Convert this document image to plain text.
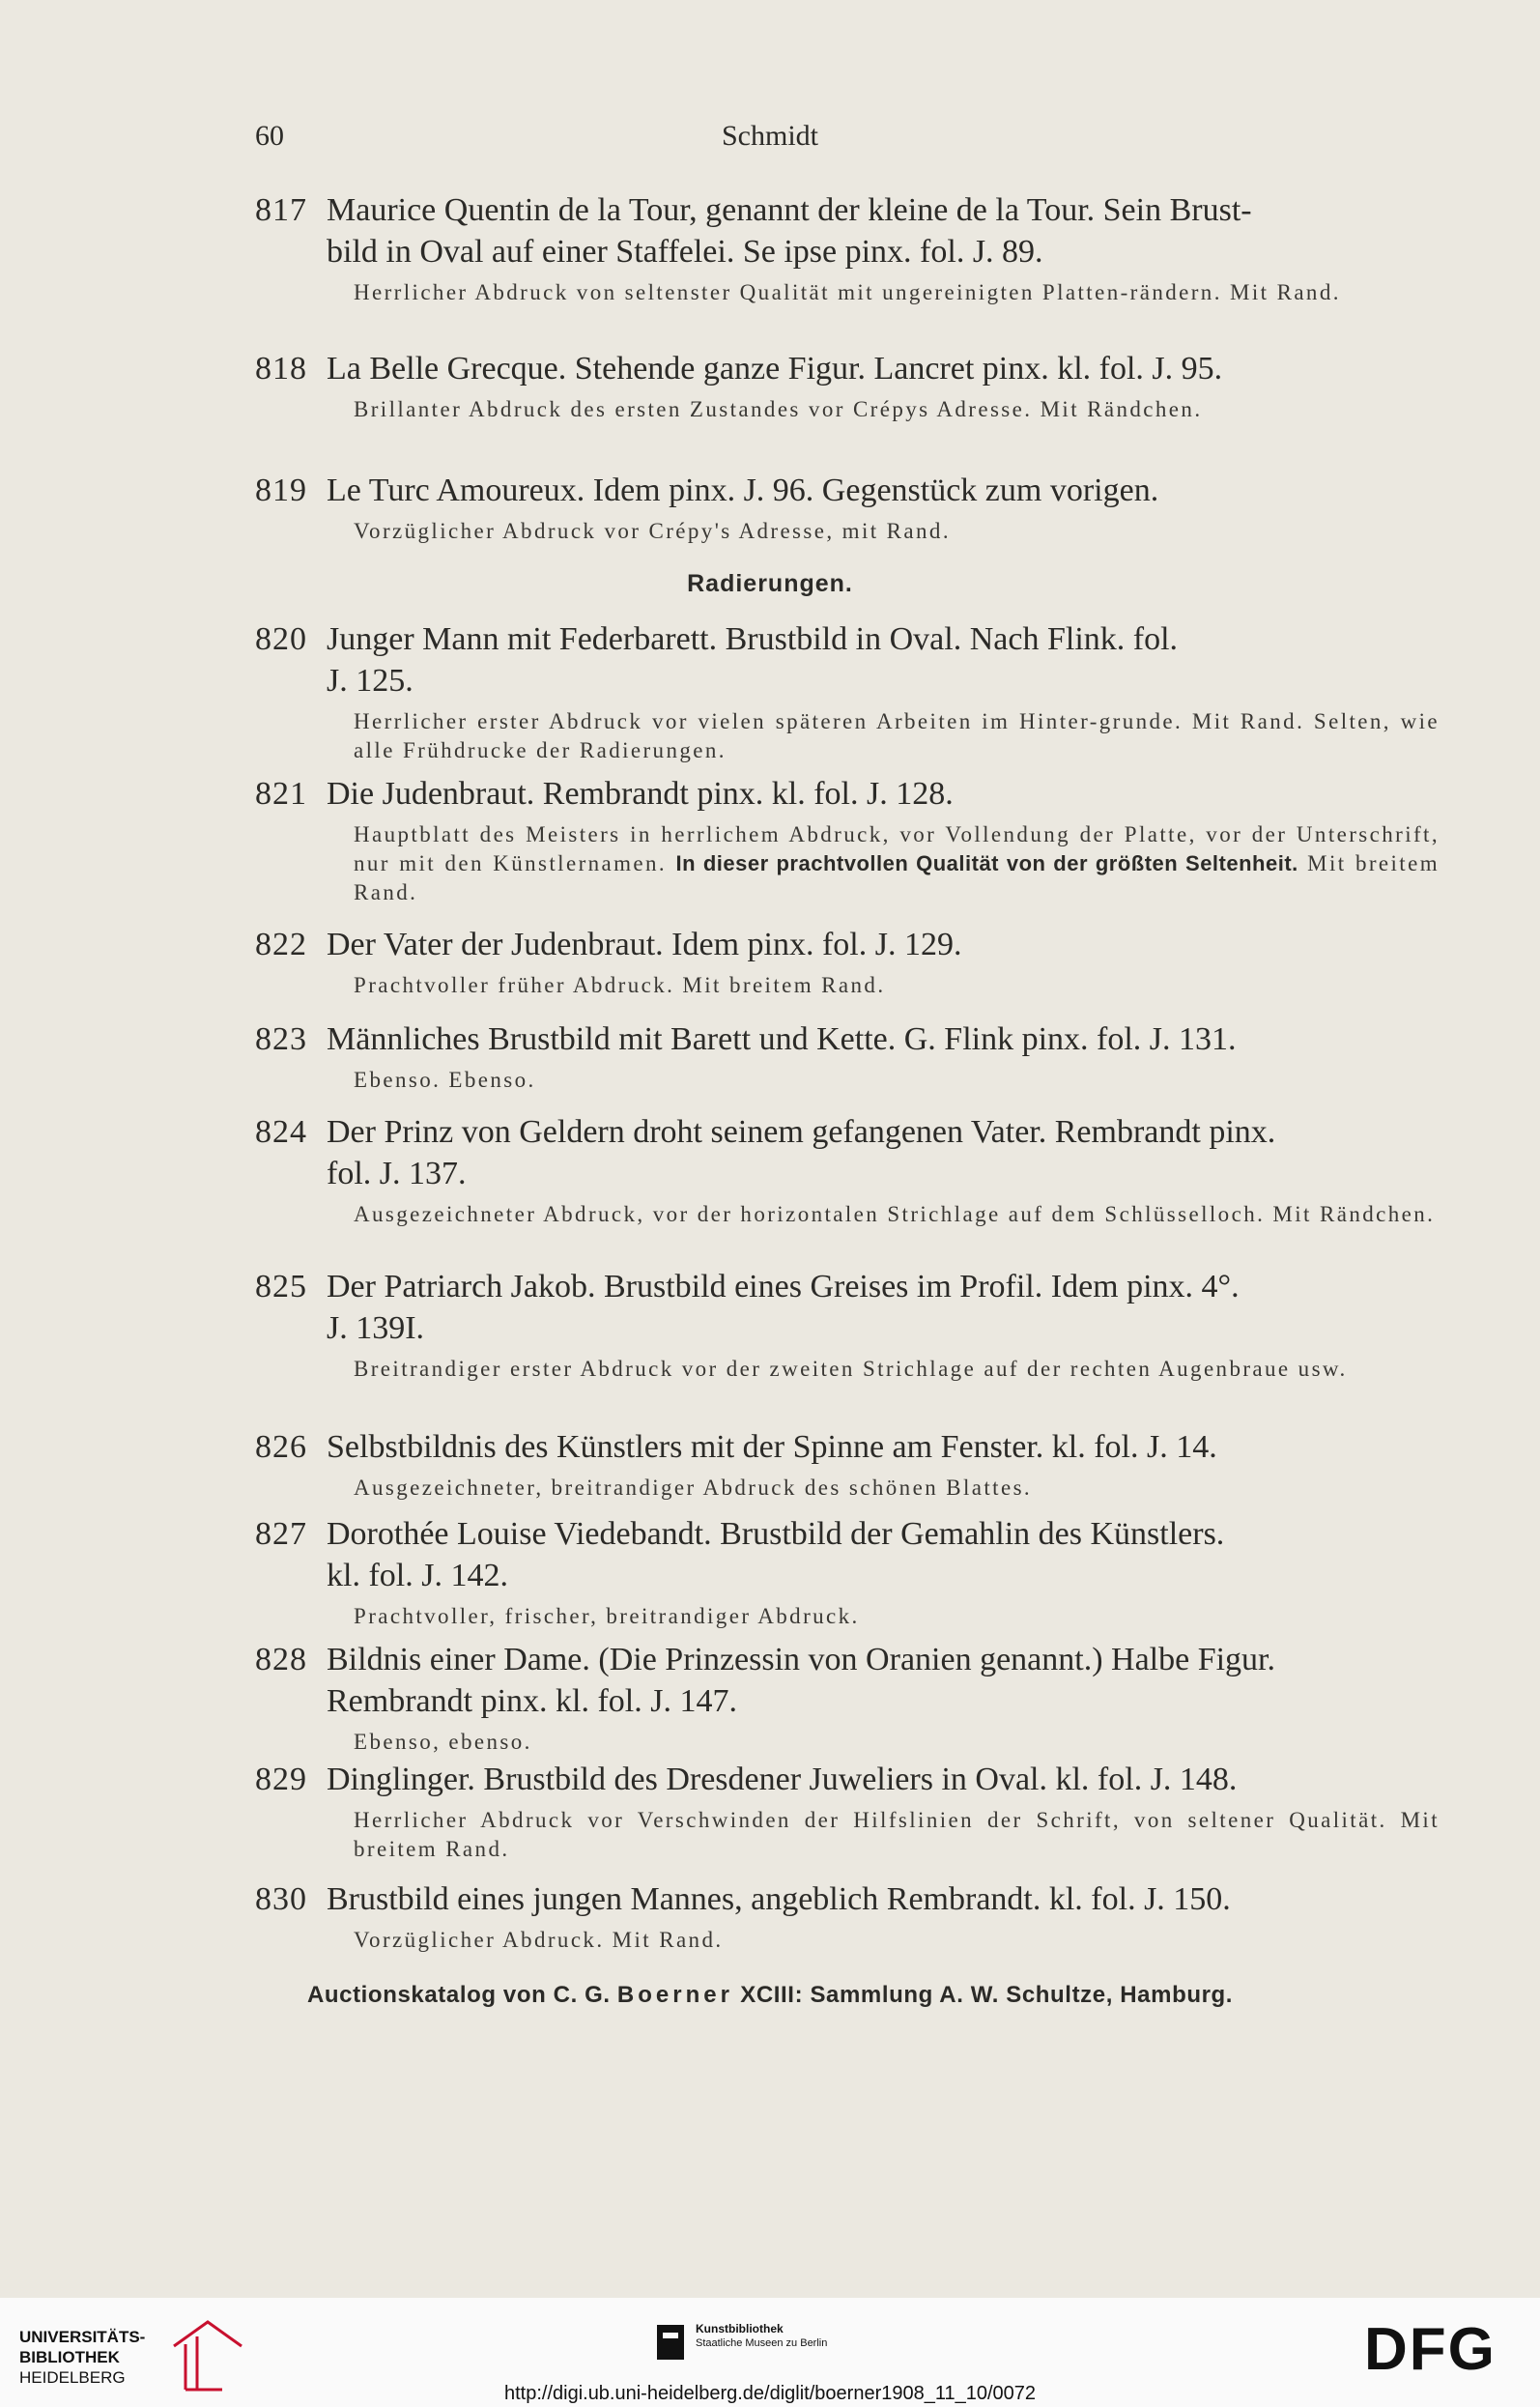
60	Schmidt
817 Maurice Quentin de la Tour, genannt der kleine de la Tour. Sein Brust-
bild in Oval auf einer Staffelei. Se ipse pinx. fol. J. 89.
Herrlicher Abdruck von seltenster Qualität mit ungereinigten Platten-rändern. Mit Rand.
818 La Belle Grecque. Stehende ganze Figur. Lancret pinx. kl. fol. J. 95.
Brillanter Abdruck des ersten Zustandes vor Crépys Adresse. Mit Rändchen.
819 Le Turc Amoureux. Idem pinx. J. 96. Gegenstück zum vorigen.
Vorzüglicher Abdruck vor Crépy's Adresse, mit Rand.
Radierungen.
820 Junger Mann mit Federbarett. Brustbild in Oval. Nach Flink. fol.
J. 125.
Herrlicher erster Abdruck vor vielen späteren Arbeiten im Hinter-grunde. Mit Rand. Selten, wie alle Frühdrucke der Radierungen.
821 Die Judenbraut. Rembrandt pinx. kl. fol. J. 128.
Hauptblatt des Meisters in herrlichem Abdruck, vor Vollendung der Platte, vor der Unterschrift, nur mit den Künstlernamen. In dieser prachtvollen Qualität von der größten Seltenheit. Mit breitem Rand.
822 Der Vater der Judenbraut. Idem pinx. fol. J. 129.
Prachtvoller früher Abdruck. Mit breitem Rand.
823 Männliches Brustbild mit Barett und Kette. G. Flink pinx. fol. J. 131.
Ebenso. Ebenso.
824 Der Prinz von Geldern droht seinem gefangenen Vater. Rembrandt pinx.
fol. J. 137.
Ausgezeichneter Abdruck, vor der horizontalen Strichlage auf dem Schlüsselloch. Mit Rändchen.
825 Der Patriarch Jakob. Brustbild eines Greises im Profil. Idem pinx. 4°.
J. 139I.
Breitrandiger erster Abdruck vor der zweiten Strichlage auf der rechten Augenbraue usw.
826 Selbstbildnis des Künstlers mit der Spinne am Fenster. kl. fol. J. 14.
Ausgezeichneter, breitrandiger Abdruck des schönen Blattes.
827 Dorothée Louise Viedebandt. Brustbild der Gemahlin des Künstlers.
kl. fol. J. 142.
Prachtvoller, frischer, breitrandiger Abdruck.
828 Bildnis einer Dame. (Die Prinzessin von Oranien genannt.) Halbe Figur.
Rembrandt pinx. kl. fol. J. 147.
Ebenso, ebenso.
829 Dinglinger. Brustbild des Dresdener Juweliers in Oval. kl. fol. J. 148.
Herrlicher Abdruck vor Verschwinden der Hilfslinien der Schrift, von seltener Qualität. Mit breitem Rand.
830 Brustbild eines jungen Mannes, angeblich Rembrandt. kl. fol. J. 150.
Vorzüglicher Abdruck. Mit Rand.
Auctionskatalog von C. G. Boerner XCIII: Sammlung A. W. Schultze, Hamburg.
UNIVERSITÄTS-
BIBLIOTHEK
HEIDELBERG
Kunstbibliothek
Staatliche Museen zu Berlin	DFG
http://digi.ub.uni-heidelberg.de/diglit/boerner1908_11_10/0072
